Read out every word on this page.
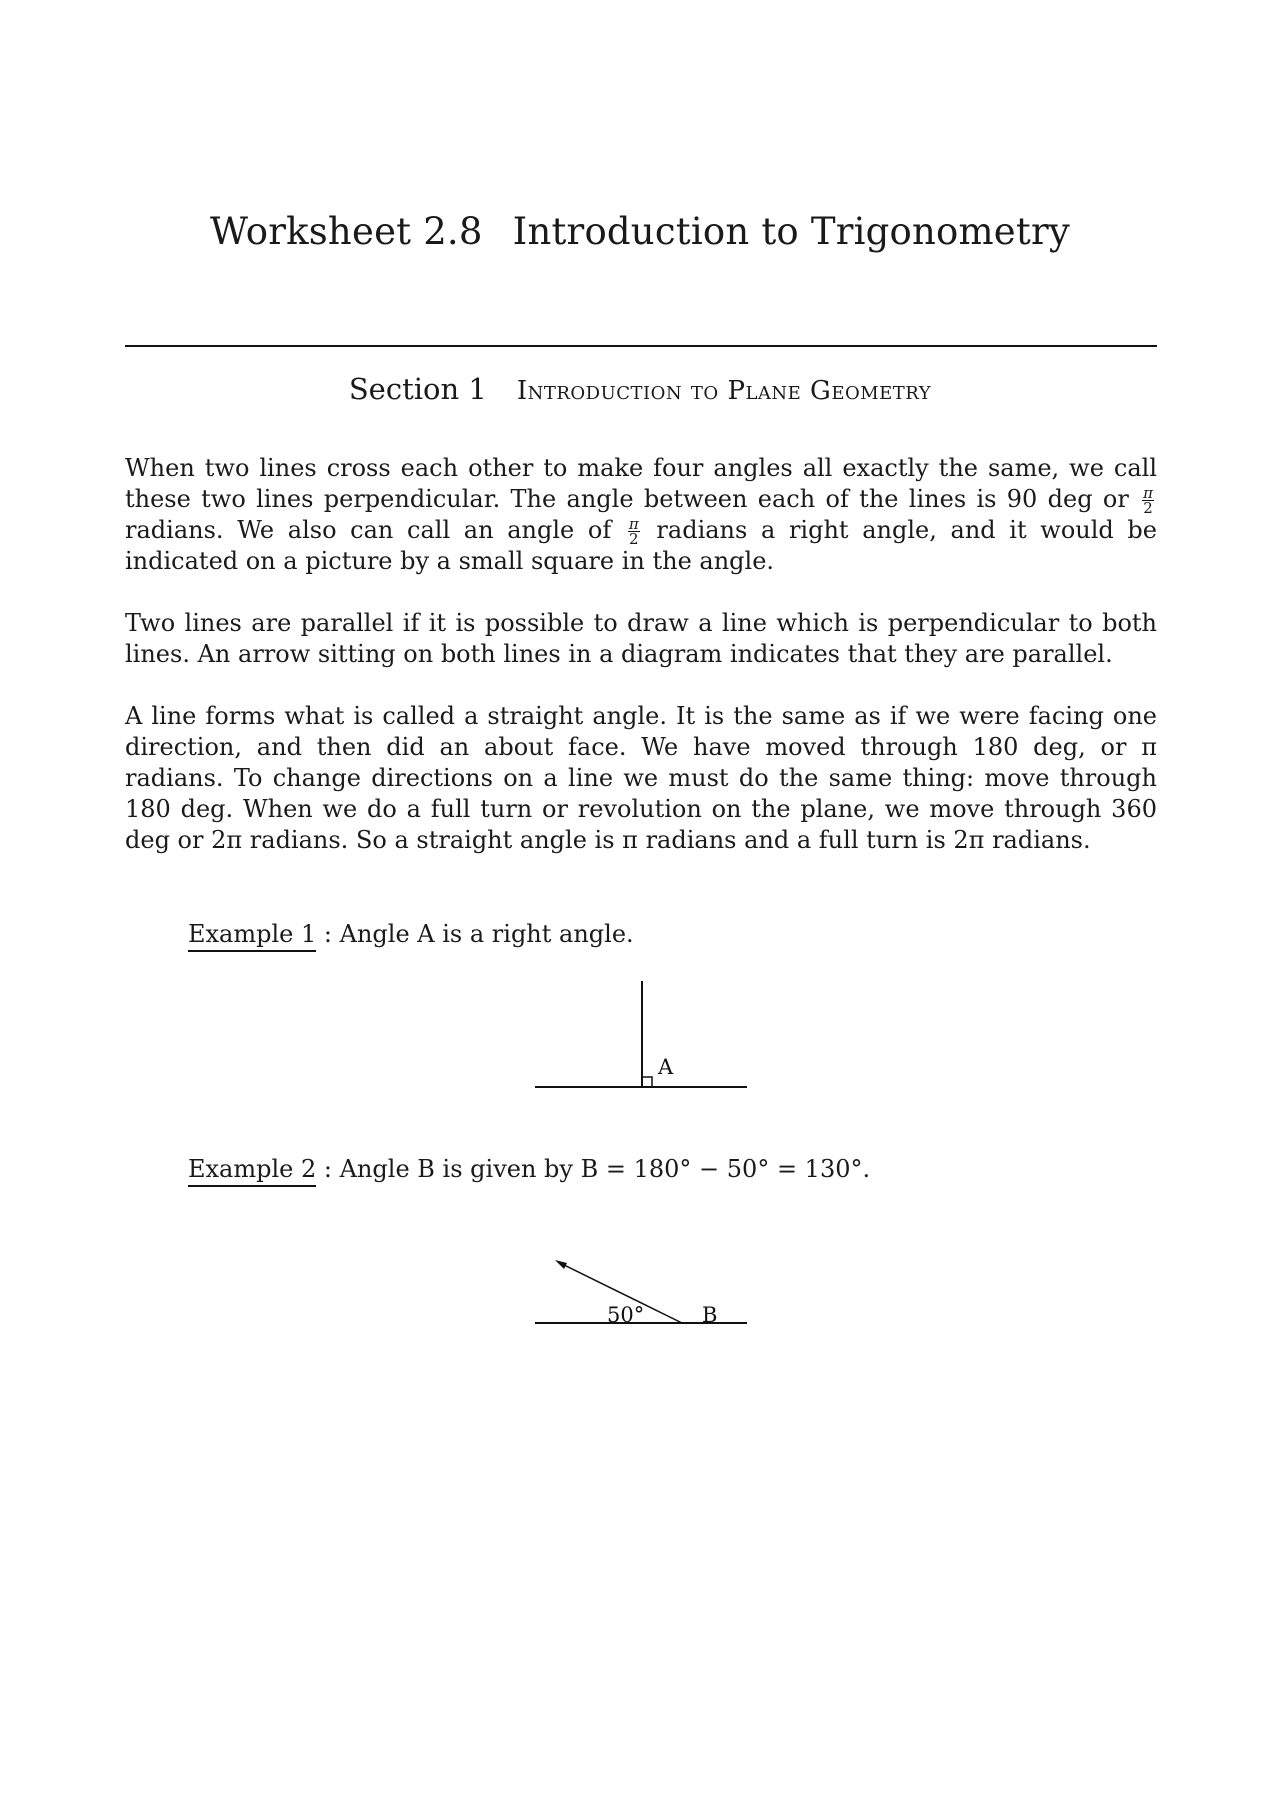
Worksheet 2.8 Introduction to Trigonometry
Section 1 Introduction to Plane Geometry

When two lines cross each other to make four angles all exactly the same, we call these two lines perpendicular. The angle between each of the lines is 90 deg or $\frac{\pi}{2}$
radians. We also can call an angle of $\frac{\pi}{2}$ radians a right angle, and it would be indicated on a picture by a small square in the angle.

Two lines are parallel if it is possible to draw a line which is perpendicular to both lines. An arrow sitting on both lines in a diagram indicates that they are parallel.

A line forms what is called a straight angle. It is the same as if we were facing one direction, and then did an about face. We have moved through 180 deg, or π radians. To change directions on a line we must do the same thing: move through 180 deg. When we do a full turn or revolution on the plane, we move through 360 deg or 2π radians. So a straight angle is π radians and a full turn is 2π radians.

Example 1 : Angle A is a right angle.
A
Example 2 : Angle B is given by B = 180° − 50° = 130°.
50°	B
